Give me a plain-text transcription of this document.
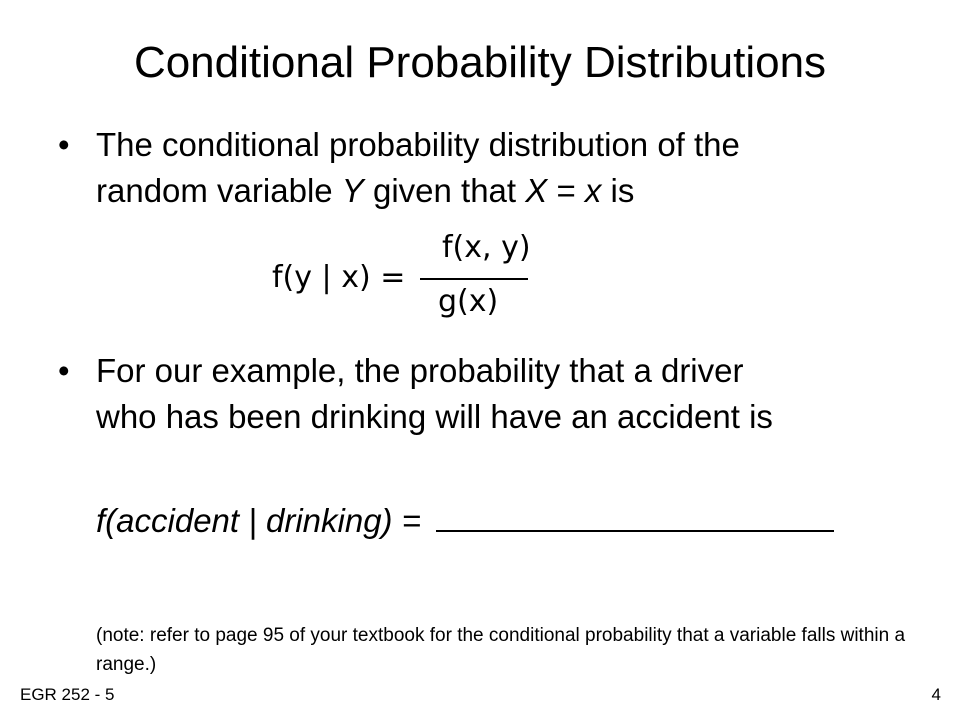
Conditional Probability Distributions
• The conditional probability distribution of the
random variable Y given that X = x is
f(y | x) =
f(x, y)
g(x)
• For our example, the probability that a driver
who has been drinking will have an accident is
f(accident | drinking) =
(note: refer to page 95 of your textbook for the conditional probability that a variable falls within a range.)
EGR 252 - 5	4
